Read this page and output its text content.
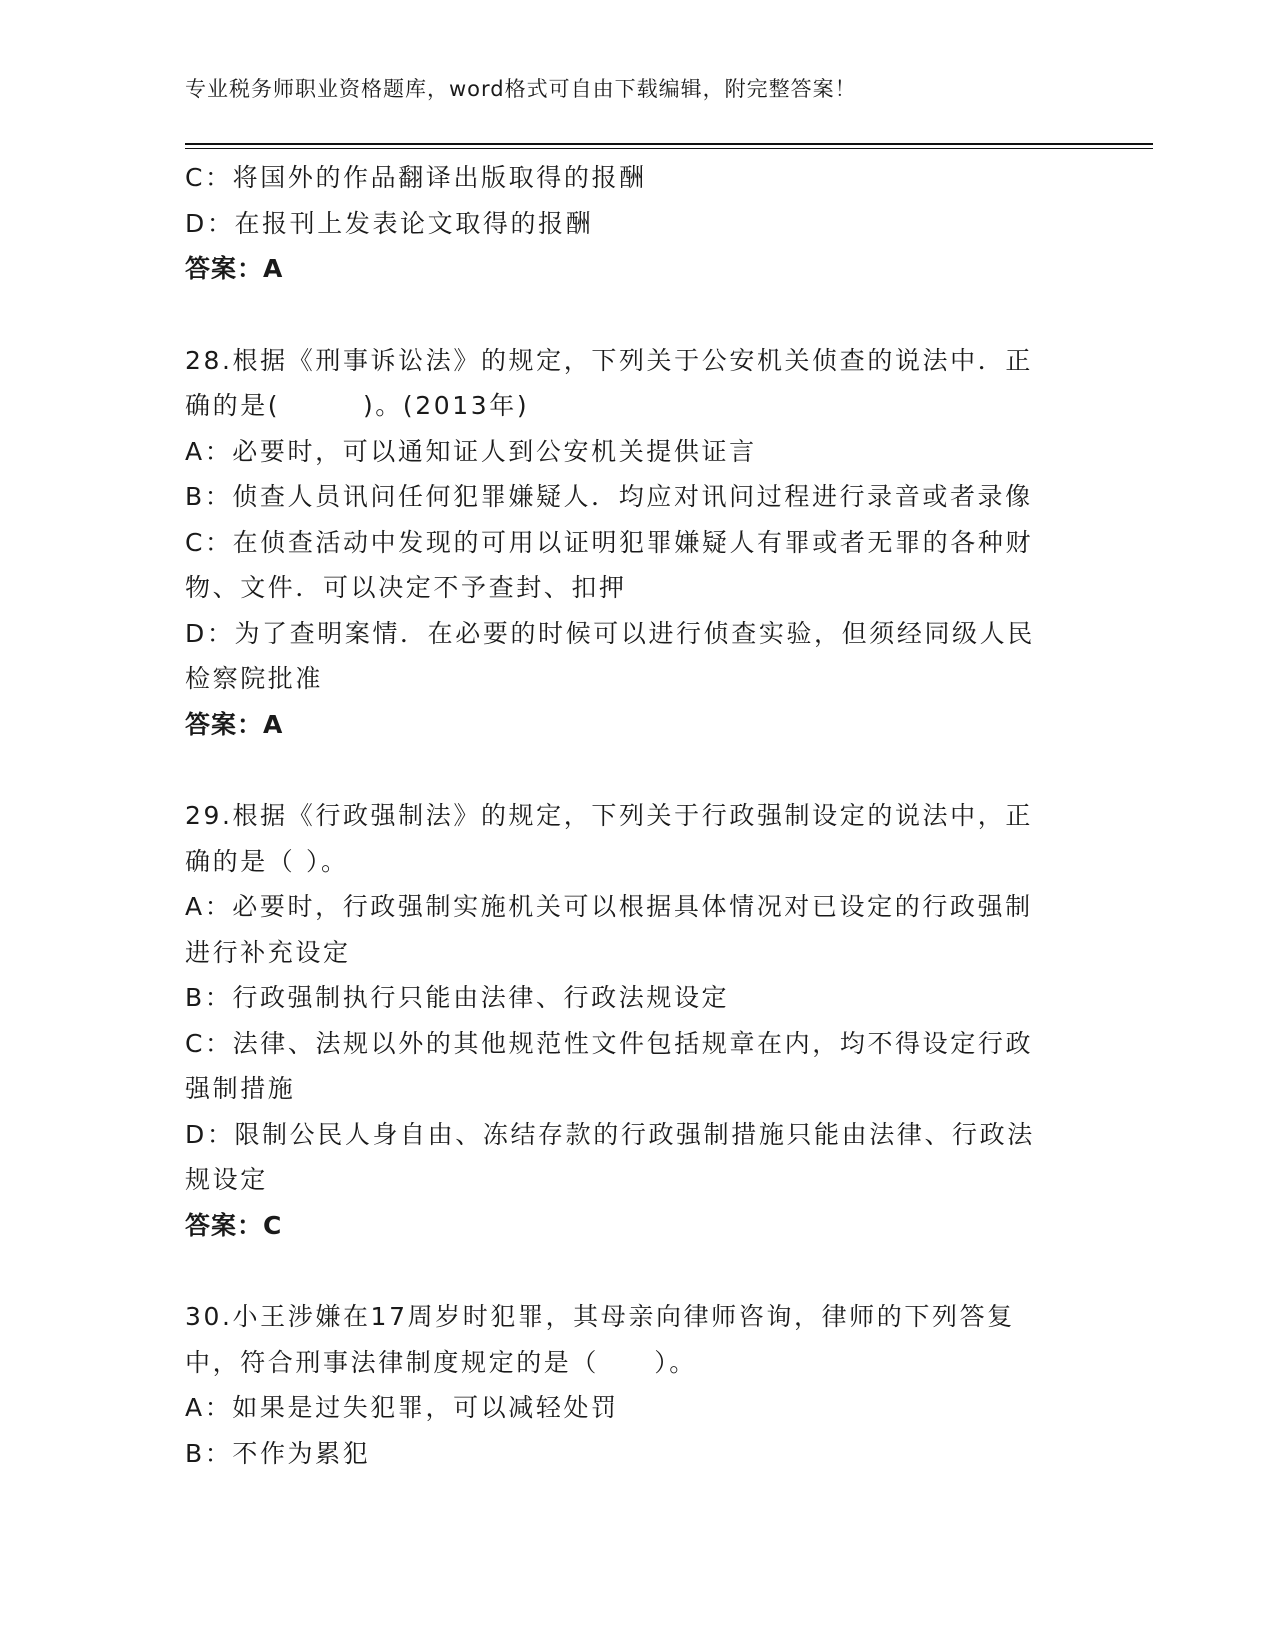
专业税务师职业资格题库，word格式可自由下载编辑，附完整答案！
C：将国外的作品翻译出版取得的报酬
D：在报刊上发表论文取得的报酬
答案：A
28.根据《刑事诉讼法》的规定，下列关于公安机关侦查的说法中．正
确的是(　　　)。(2013年)
A：必要时，可以通知证人到公安机关提供证言
B：侦查人员讯问任何犯罪嫌疑人．均应对讯问过程进行录音或者录像
C：在侦查活动中发现的可用以证明犯罪嫌疑人有罪或者无罪的各种财
物、文件．可以决定不予查封、扣押
D：为了查明案情．在必要的时候可以进行侦查实验，但须经同级人民
检察院批准
答案：A
29.根据《行政强制法》的规定，下列关于行政强制设定的说法中，正
确的是（ ）。
A：必要时，行政强制实施机关可以根据具体情况对已设定的行政强制
进行补充设定
B：行政强制执行只能由法律、行政法规设定
C：法律、法规以外的其他规范性文件包括规章在内，均不得设定行政
强制措施
D：限制公民人身自由、冻结存款的行政强制措施只能由法律、行政法
规设定
答案：C
30.小王涉嫌在17周岁时犯罪，其母亲向律师咨询，律师的下列答复
中，符合刑事法律制度规定的是（　　）。
A：如果是过失犯罪，可以减轻处罚
B：不作为累犯
